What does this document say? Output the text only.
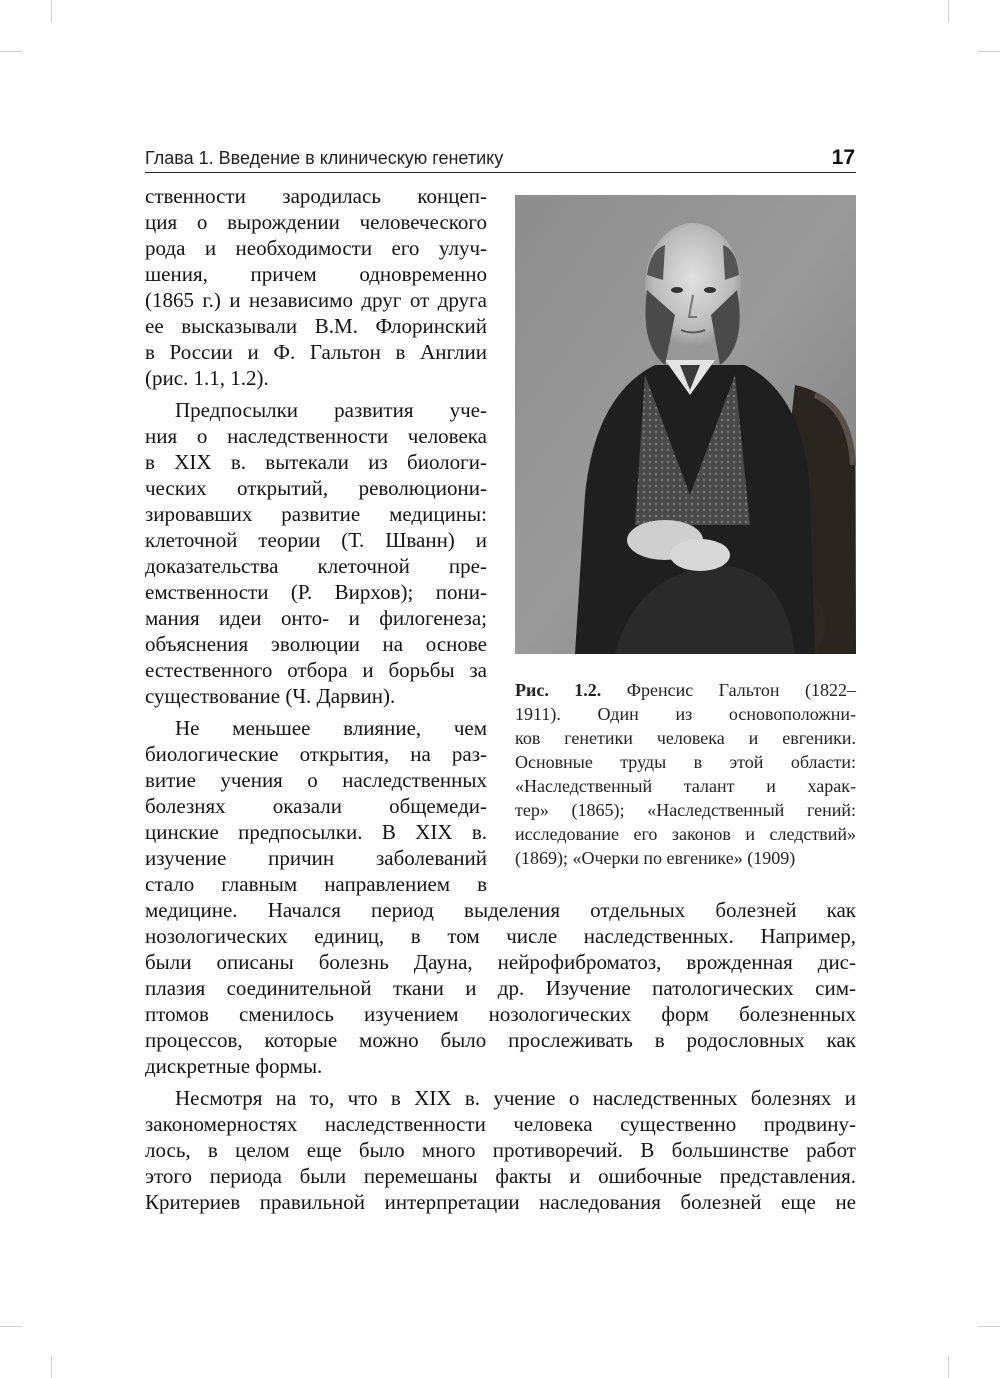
Глава 1. Введение в клиническую генетику	17

ственности зародилась концеп-

ция о вырождении человеческого

рода и необходимости его улуч-

шения, причем одновременно

(1865 г.) и независимо друг от друга

ее высказывали В.М. Флоринский

в России и Ф. Гальтон в Англии

(рис. 1.1, 1.2).

Предпосылки развития уче-

ния о наследственности человека

в XIX в. вытекали из биологи-

ческих открытий, революциони-

зировавших развитие медицины:

клеточной теории (Т. Шванн) и

доказательства клеточной пре-

емственности (Р. Вирхов); пони-

мания идеи онто- и филогенеза;

объяснения эволюции на основе

естественного отбора и борьбы за

существование (Ч. Дарвин).

Не меньшее влияние, чем

биологические открытия, на раз-

витие учения о наследственных

болезнях оказали общемеди-

цинские предпосылки. В XIX в.

изучение причин заболеваний

стало главным направлением в

Рис. 1.2. Френсис Гальтон (1822–

1911). Один из основоположни-

ков генетики человека и евгеники.

Основные труды в этой области:

«Наследственный талант и харак-

тер» (1865); «Наследственный гений:

исследование его законов и следствий»

(1869); «Очерки по евгенике» (1909)

медицине. Начался период выделения отдельных болезней как

нозологических единиц, в том числе наследственных. Например,

были описаны болезнь Дауна, нейрофиброматоз, врожденная дис-

плазия соединительной ткани и др. Изучение патологических сим-

птомов сменилось изучением нозологических форм болезненных

процессов, которые можно было прослеживать в родословных как

дискретные формы.

Несмотря на то, что в XIX в. учение о наследственных болезнях и

закономерностях наследственности человека существенно продвину-

лось, в целом еще было много противоречий. В большинстве работ

этого периода были перемешаны факты и ошибочные представления.

Критериев правильной интерпретации наследования болезней еще не
